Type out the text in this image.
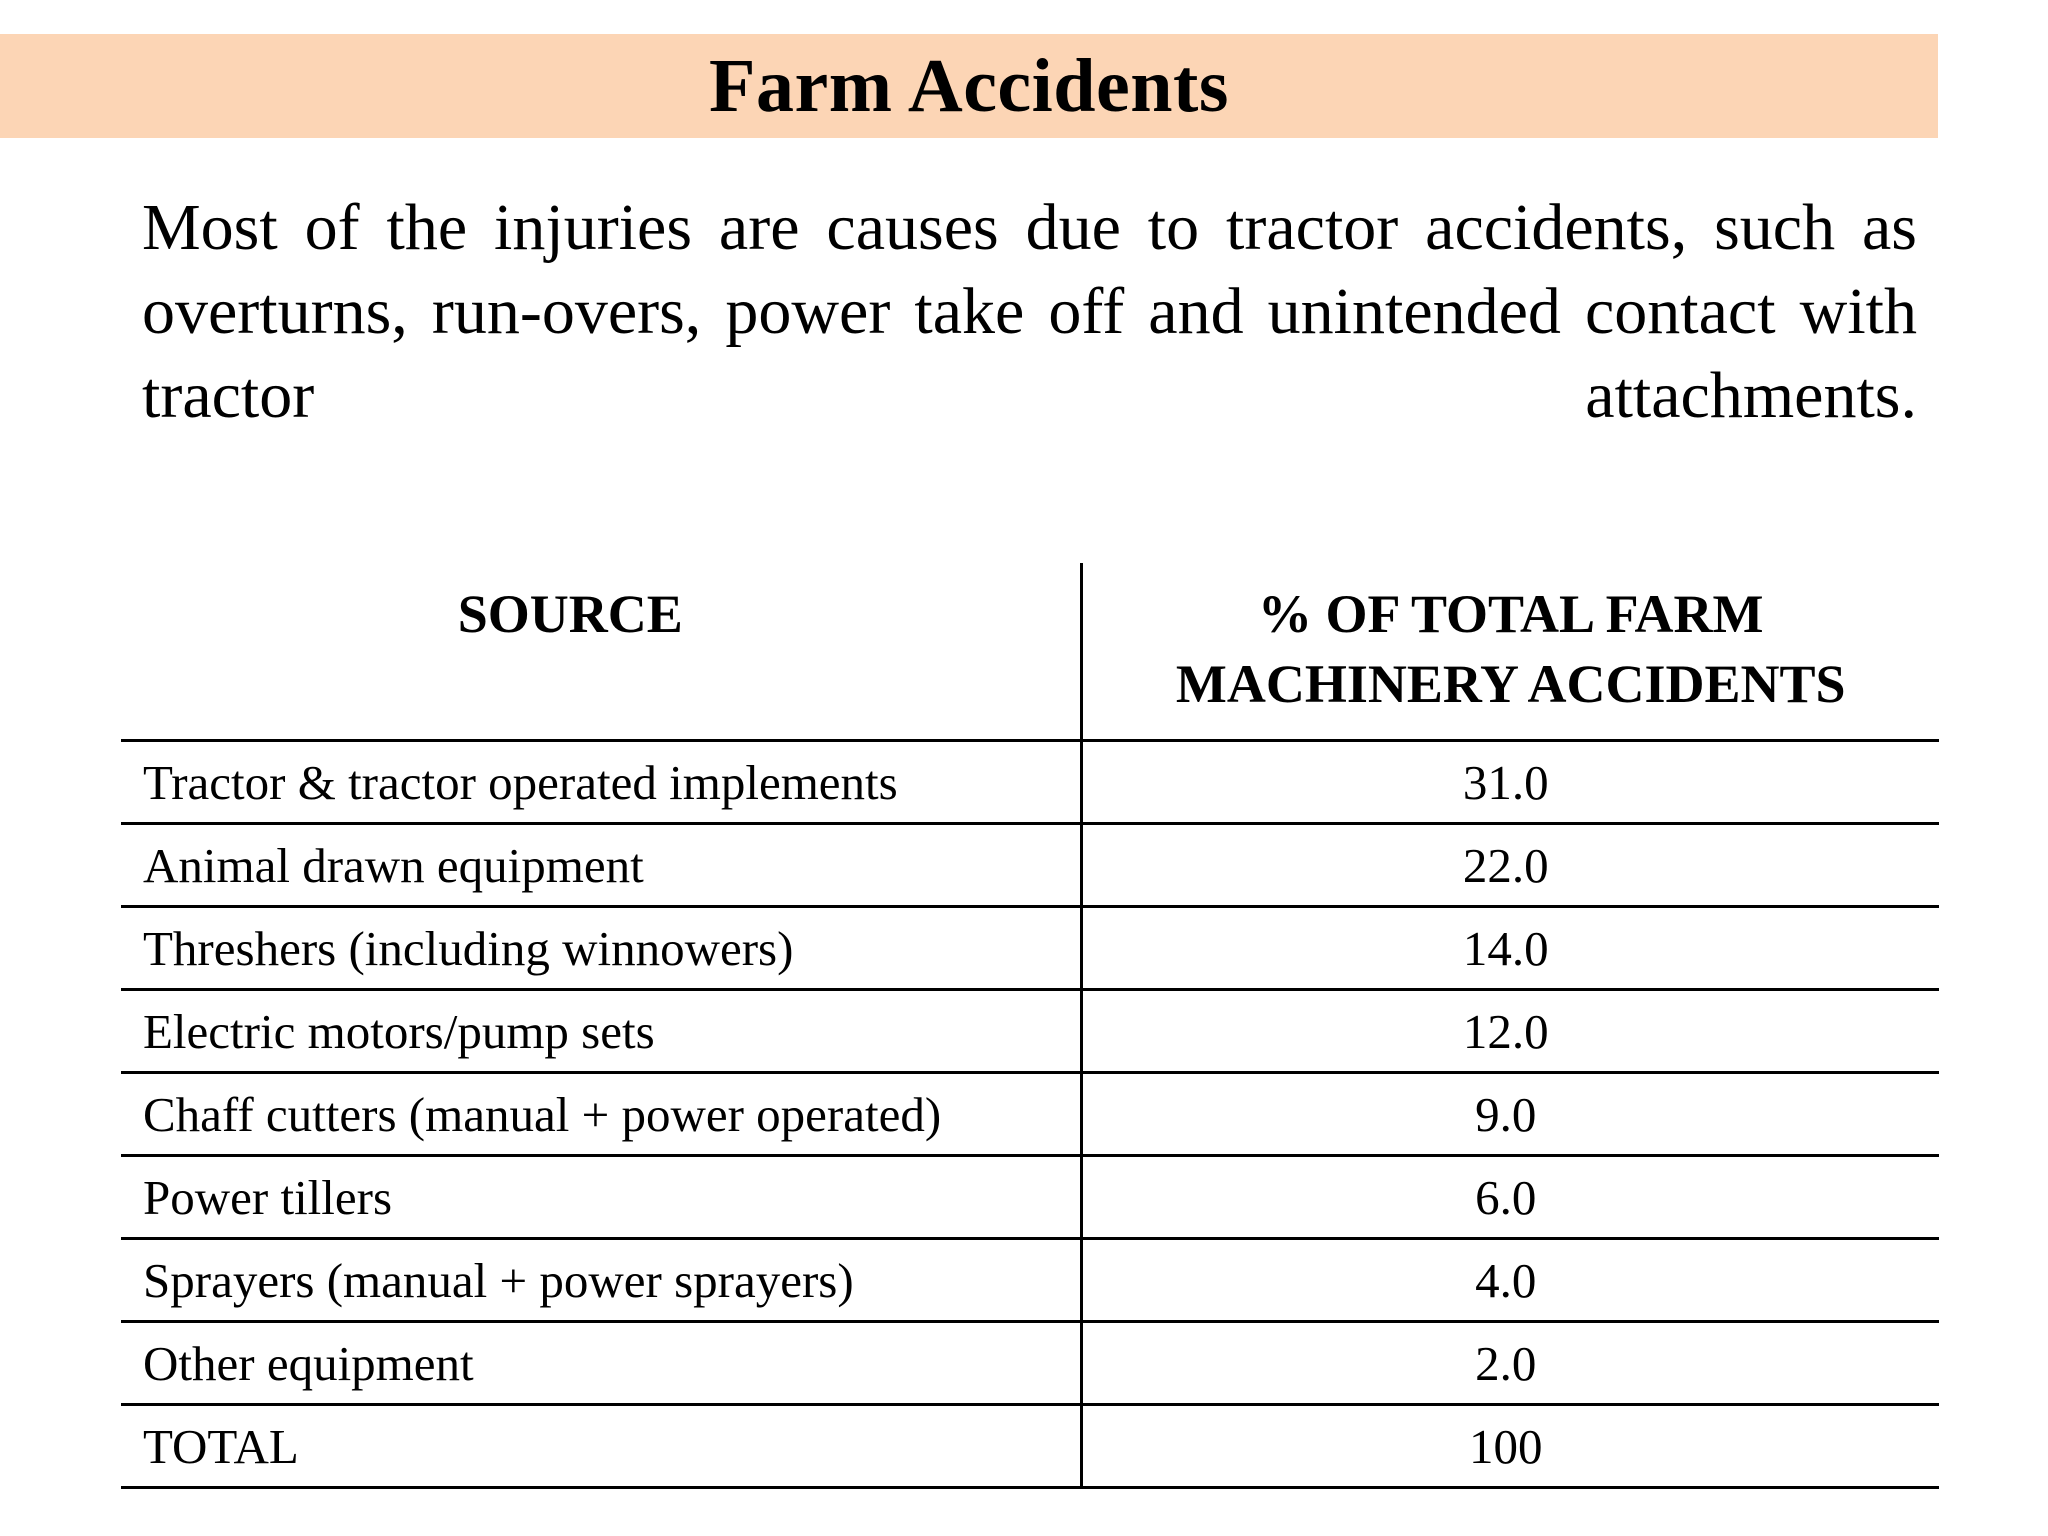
Farm Accidents

Most of the injuries are causes due to tractor accidents, such as overturns, run-overs, power take off and unintended contact with tractor attachments.

SOURCE	% OF TOTAL FARM
MACHINERY ACCIDENTS
Tractor & tractor operated implements	31.0
Animal drawn equipment	22.0
Threshers (including winnowers)	14.0
Electric motors/pump sets	12.0
Chaff cutters (manual + power operated)	9.0
Power tillers	6.0
Sprayers (manual + power sprayers)	4.0
Other equipment	2.0
TOTAL	100
